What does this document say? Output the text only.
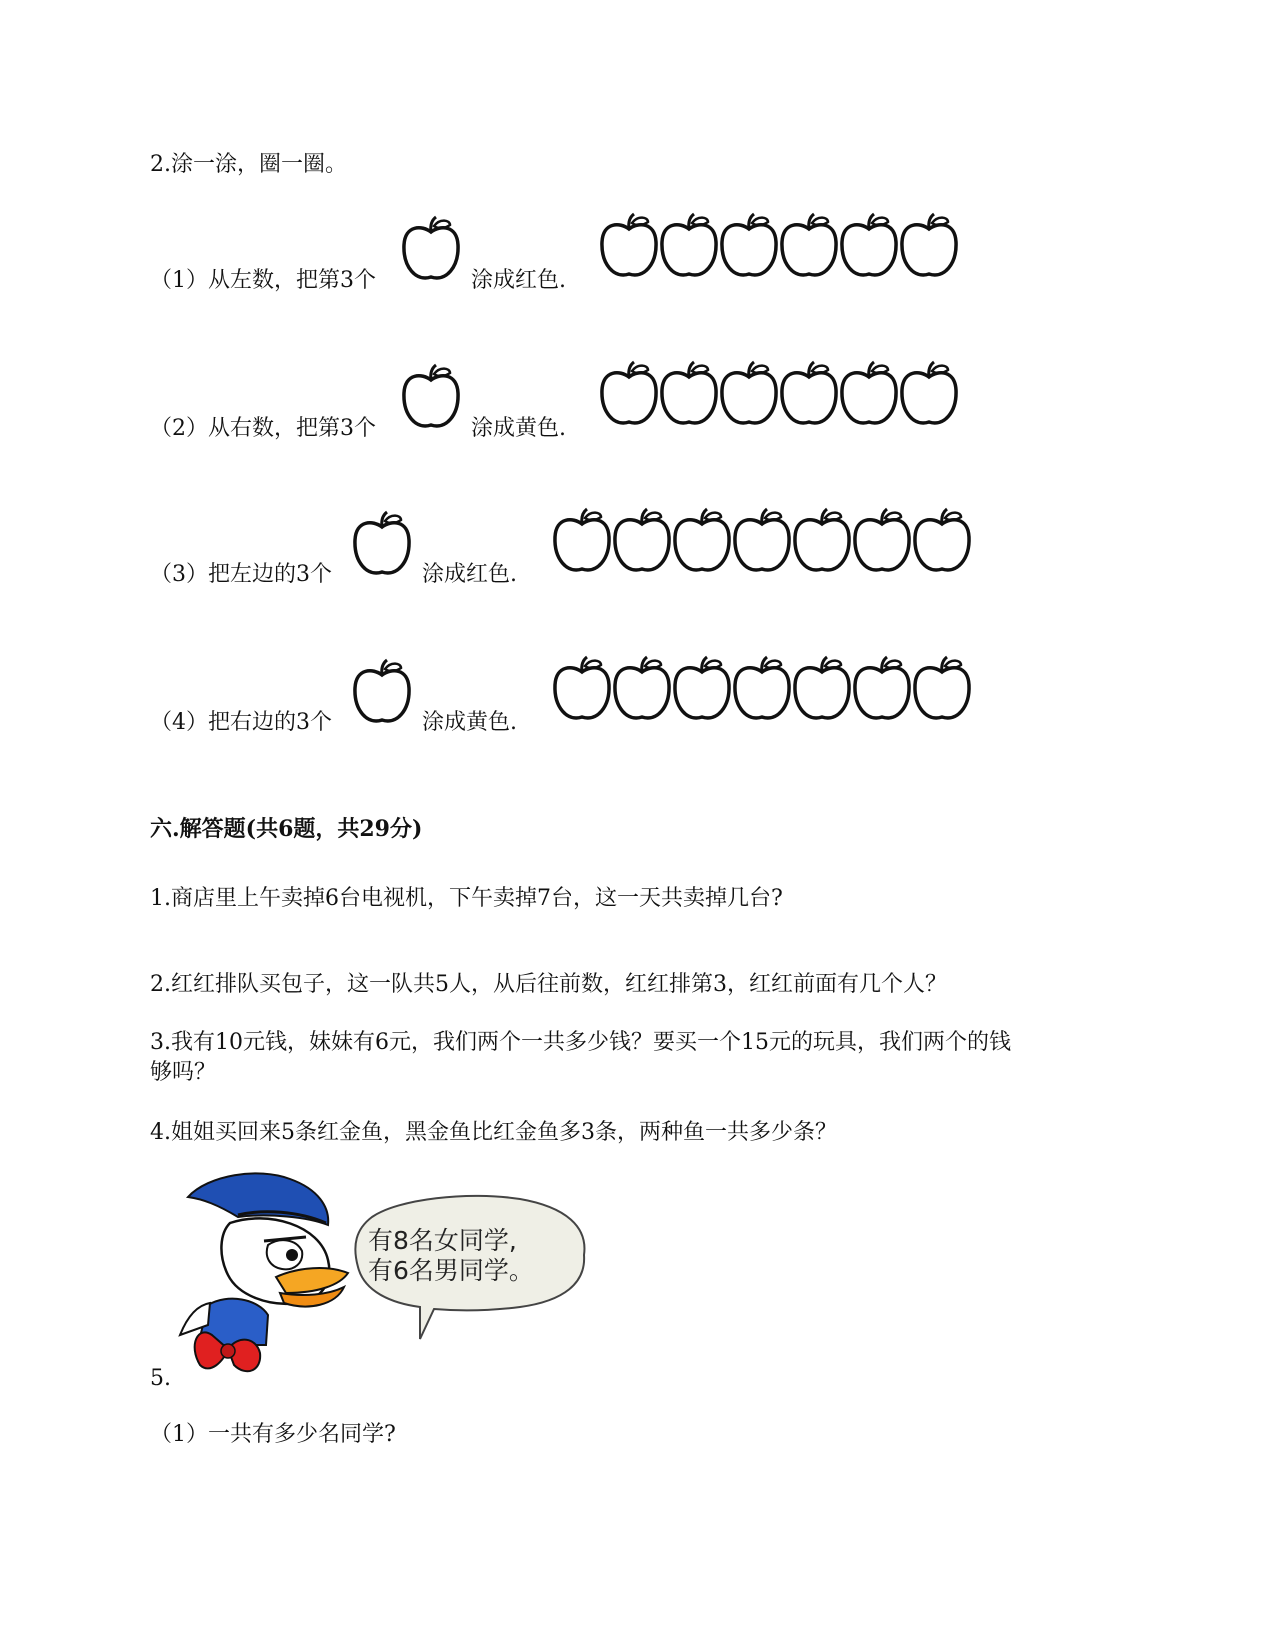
2.涂一涂，圈一圈。
（1）从左数，把第3个	涂成红色.
（2）从右数，把第3个	涂成黄色.
（3）把左边的3个	涂成红色.
（4）把右边的3个	涂成黄色.
六.解答题(共6题，共29分)
1.商店里上午卖掉6台电视机，下午卖掉7台，这一天共卖掉几台?
2.红红排队买包子，这一队共5人，从后往前数，红红排第3，红红前面有几个人？
3.我有10元钱，妹妹有6元，我们两个一共多少钱？要买一个15元的玩具，我们两个的钱
够吗？
4.姐姐买回来5条红金鱼，黑金鱼比红金鱼多3条，两种鱼一共多少条？
有8名女同学,
有6名男同学。
5.
（1）一共有多少名同学?
